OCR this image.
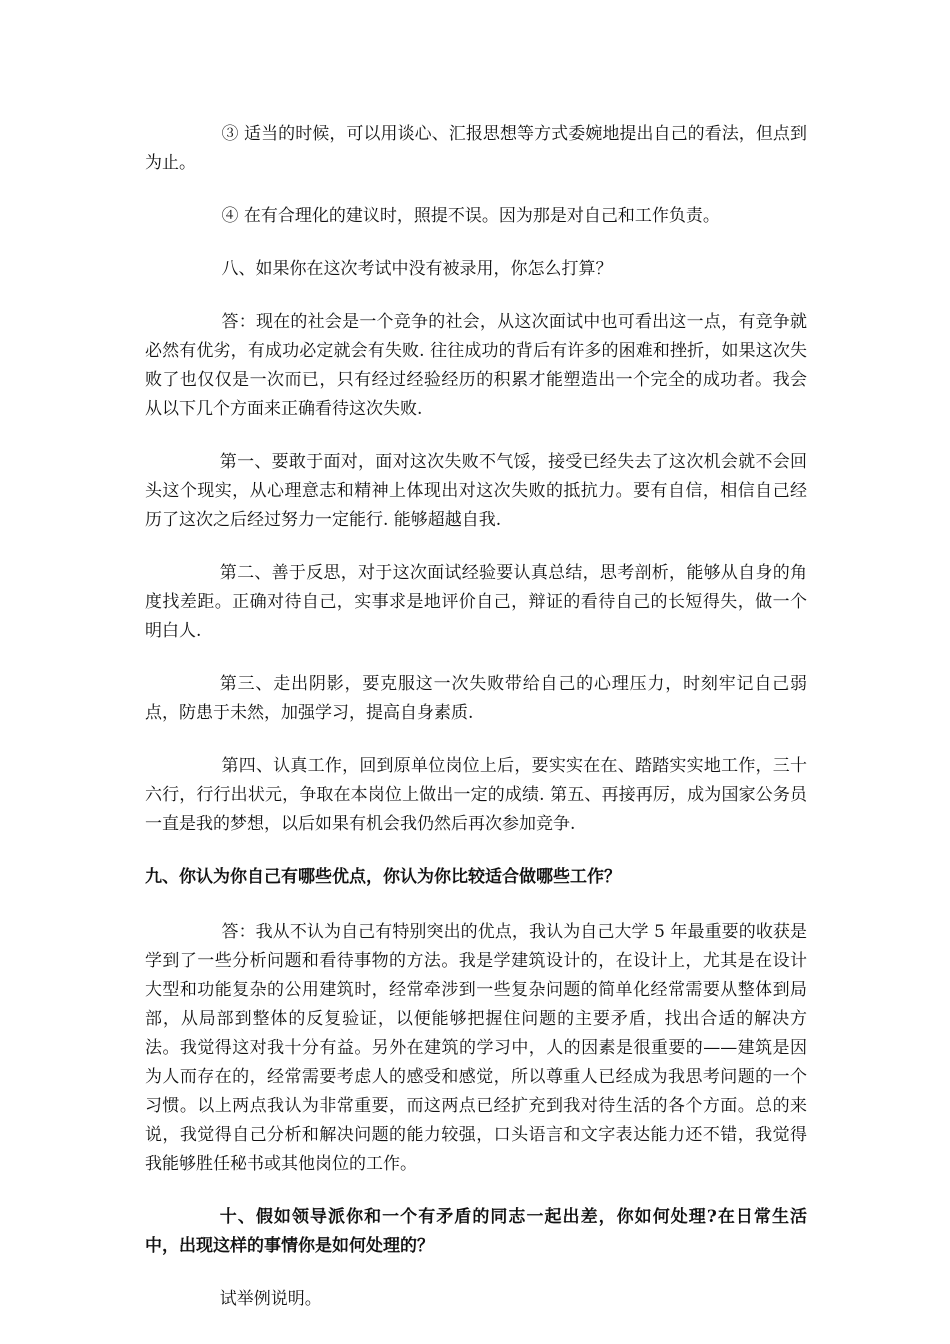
③ 适当的时候，可以用谈心、汇报思想等方式委婉地提出自己的看法，但点到为止。

④ 在有合理化的建议时，照提不误。因为那是对自己和工作负责。

八、如果你在这次考试中没有被录用，你怎么打算？

答：现在的社会是一个竞争的社会，从这次面试中也可看出这一点，有竞争就必然有优劣，有成功必定就会有失败. 往往成功的背后有许多的困难和挫折，如果这次失败了也仅仅是一次而已，只有经过经验经历的积累才能塑造出一个完全的成功者。我会从以下几个方面来正确看待这次失败.

第一、要敢于面对，面对这次失败不气馁，接受已经失去了这次机会就不会回头这个现实，从心理意志和精神上体现出对这次失败的抵抗力。要有自信，相信自己经历了这次之后经过努力一定能行. 能够超越自我.

第二、善于反思，对于这次面试经验要认真总结，思考剖析，能够从自身的角度找差距。正确对待自己，实事求是地评价自己，辩证的看待自己的长短得失，做一个明白人.

第三、走出阴影，要克服这一次失败带给自己的心理压力，时刻牢记自己弱点，防患于未然，加强学习，提高自身素质.

第四、认真工作，回到原单位岗位上后，要实实在在、踏踏实实地工作，三十六行，行行出状元，争取在本岗位上做出一定的成绩. 第五、再接再厉，成为国家公务员一直是我的梦想，以后如果有机会我仍然后再次参加竞争.

九、你认为你自己有哪些优点，你认为你比较适合做哪些工作？

答：我从不认为自己有特别突出的优点，我认为自己大学 5 年最重要的收获是学到了一些分析问题和看待事物的方法。我是学建筑设计的，在设计上，尤其是在设计大型和功能复杂的公用建筑时，经常牵涉到一些复杂问题的简单化经常需要从整体到局部，从局部到整体的反复验证，以便能够把握住问题的主要矛盾，找出合适的解决方法。我觉得这对我十分有益。另外在建筑的学习中，人的因素是很重要的——建筑是因为人而存在的，经常需要考虑人的感受和感觉，所以尊重人已经成为我思考问题的一个习惯。以上两点我认为非常重要，而这两点已经扩充到我对待生活的各个方面。总的来说，我觉得自己分析和解决问题的能力较强，口头语言和文字表达能力还不错，我觉得我能够胜任秘书或其他岗位的工作。

十、假如领导派你和一个有矛盾的同志一起出差，你如何处理?在日常生活中，出现这样的事情你是如何处理的？

试举例说明。
